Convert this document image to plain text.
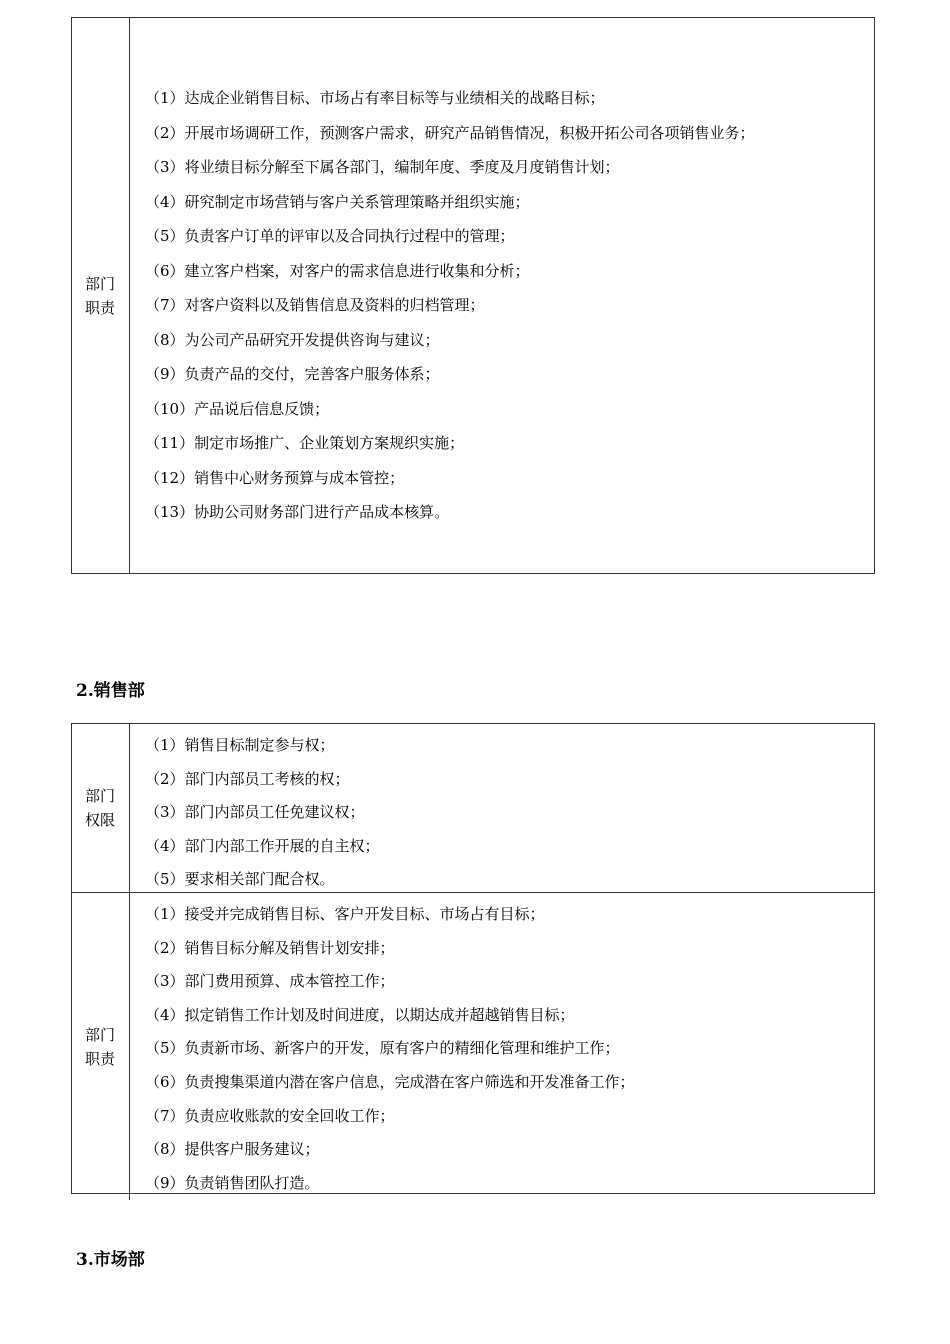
部门
职责
（1）达成企业销售目标、市场占有率目标等与业绩相关的战略目标；
（2）开展市场调研工作，预测客户需求，研究产品销售情况，积极开拓公司各项销售业务；
（3）将业绩目标分解至下属各部门，编制年度、季度及月度销售计划；
（4）研究制定市场营销与客户关系管理策略并组织实施；
（5）负责客户订单的评审以及合同执行过程中的管理；
（6）建立客户档案，对客户的需求信息进行收集和分析；
（7）对客户资料以及销售信息及资料的归档管理；
（8）为公司产品研究开发提供咨询与建议；
（9）负责产品的交付，完善客户服务体系；
（10）产品说后信息反馈；
（11）制定市场推广、企业策划方案规织实施；
（12）销售中心财务预算与成本管控；
（13）协助公司财务部门进行产品成本核算。
2.销售部
部门
权限
（1）销售目标制定参与权；
（2）部门内部员工考核的权；
（3）部门内部员工任免建议权；
（4）部门内部工作开展的自主权；
（5）要求相关部门配合权。
部门
职责
（1）接受并完成销售目标、客户开发目标、市场占有目标；
（2）销售目标分解及销售计划安排；
（3）部门费用预算、成本管控工作；
（4）拟定销售工作计划及时间进度，以期达成并超越销售目标；
（5）负责新市场、新客户的开发，原有客户的精细化管理和维护工作；
（6）负责搜集渠道内潜在客户信息，完成潜在客户筛选和开发准备工作；
（7）负责应收账款的安全回收工作；
（8）提供客户服务建议；
（9）负责销售团队打造。
3.市场部
